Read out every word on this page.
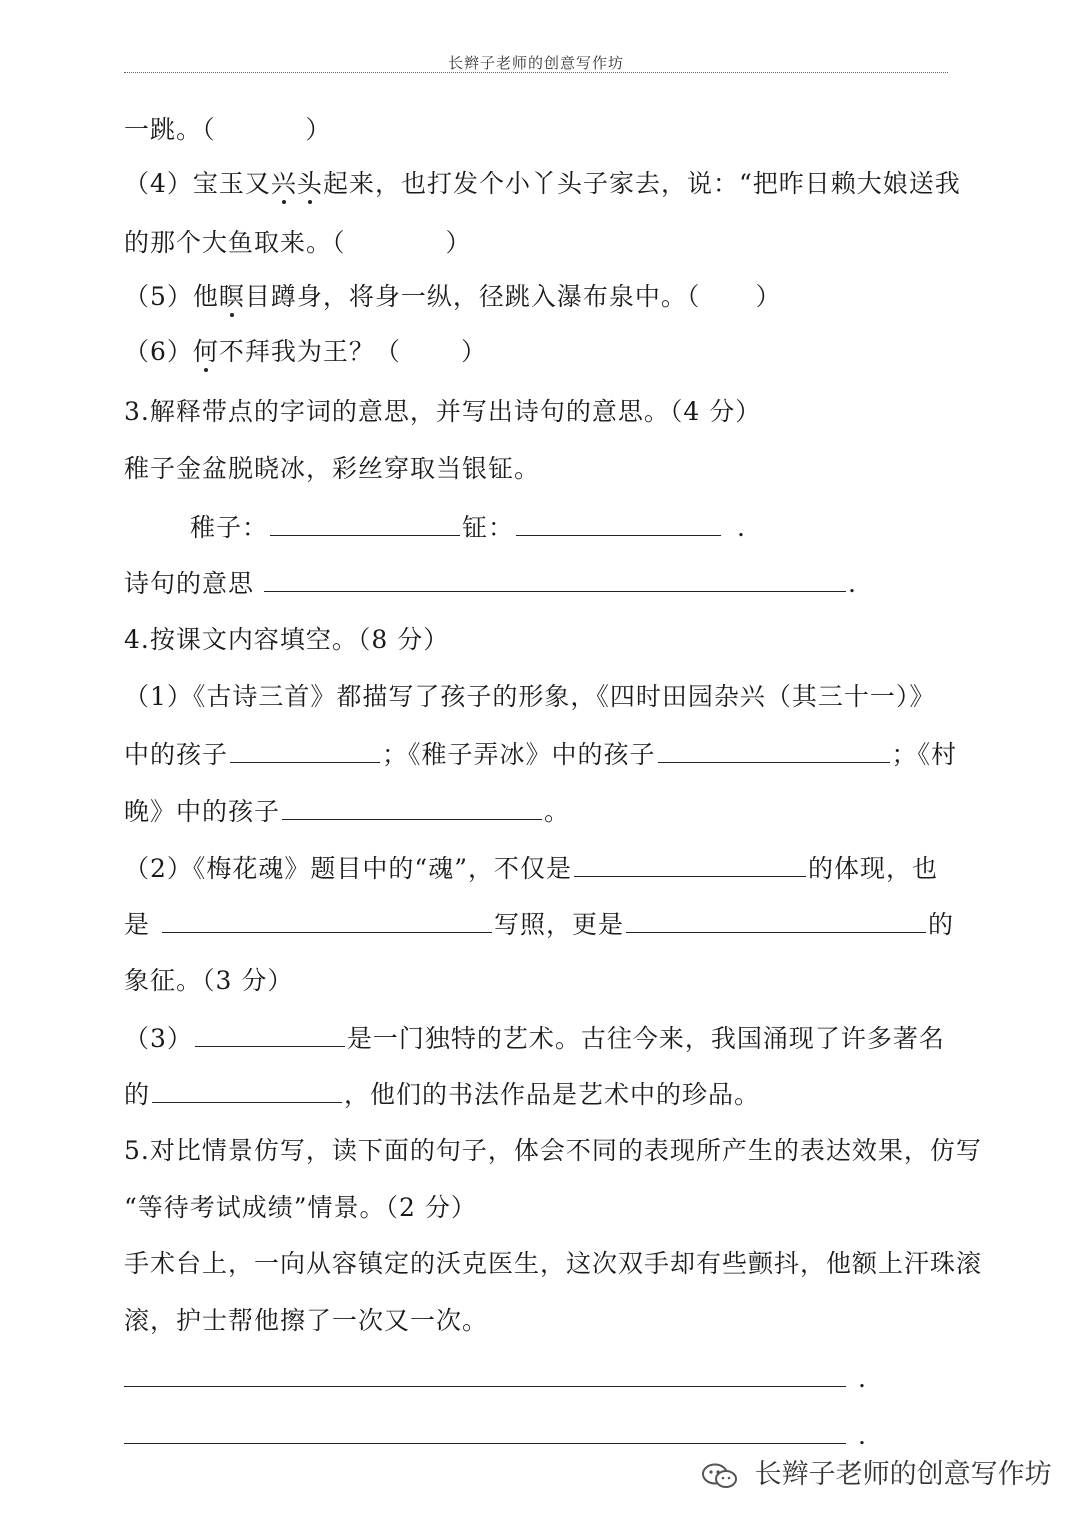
长辫子老师的创意写作坊
一跳。（	）
（4）宝玉又兴头起来，也打发个小丫头子家去，说：“把昨日赖大娘送我
的那个大鱼取来。（	）
（5）他瞑目蹲身，将身一纵，径跳入瀑布泉中。（ ）
（6）何不拜我为王？（ ）
3.解释带点的字词的意思，并写出诗句的意思。（4 分）
稚子金盆脱晓冰，彩丝穿取当银钲。
稚子：	钲：	.
诗句的意思	.
4.按课文内容填空。（8 分）
（1）《古诗三首》都描写了孩子的形象，《四时田园杂兴（其三十一）》
中的孩子	；《稚子弄冰》中的孩子	；《村
晚》中的孩子	。
（2）《梅花魂》题目中的“魂”，不仅是	的体现，也
是	写照，更是	的
象征。（3 分）
（3）	是一门独特的艺术。古往今来，我国涌现了许多著名
的	，他们的书法作品是艺术中的珍品。
5.对比情景仿写，读下面的句子，体会不同的表现所产生的表达效果，仿写
“等待考试成绩”情景。（2 分）
手术台上，一向从容镇定的沃克医生，这次双手却有些颤抖，他额上汗珠滚
滚，护士帮他擦了一次又一次。
.
.
长辫子老师的创意写作坊
